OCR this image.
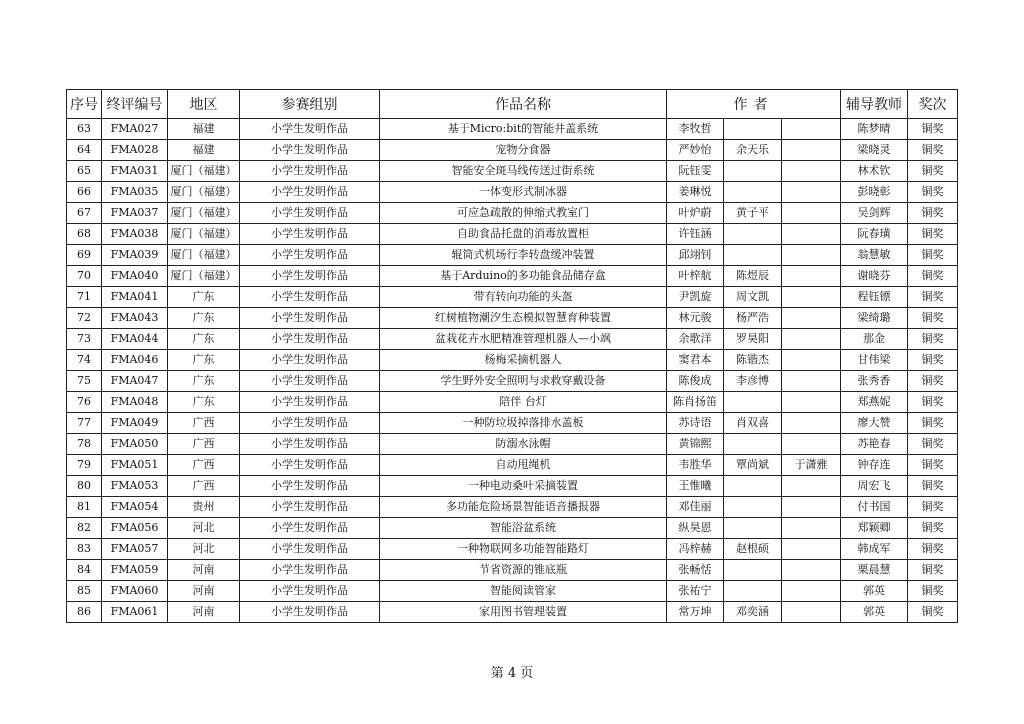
序号	终评编号	地区	参赛组别	作品名称	作者			辅导教师	奖次
63	FMA027	福建	小学生发明作品	基于Micro:bit的智能井盖系统	李牧哲			陈梦晴	铜奖
64	FMA028	福建	小学生发明作品	宠物分食器	严妙怡	余天乐		梁晓灵	铜奖
65	FMA031	厦门（福建）	小学生发明作品	智能安全斑马线传送过街系统	阮钰雯			林术钦	铜奖
66	FMA035	厦门（福建）	小学生发明作品	一体变形式制冰器	姜琳悦			彭晓彰	铜奖
67	FMA037	厦门（福建）	小学生发明作品	可应急疏散的伸缩式教室门	叶炉蔚	黄子平		吴剑辉	铜奖
68	FMA038	厦门（福建）	小学生发明作品	自助食品托盘的消毒放置柜	许钰涵			阮春璜	铜奖
69	FMA039	厦门（福建）	小学生发明作品	辊筒式机场行李转盘缓冲装置	邱翊钊			翁慧敏	铜奖
70	FMA040	厦门（福建）	小学生发明作品	基于Arduino的多功能食品储存盒	叶梓航	陈煜辰		谢晓芬	铜奖
71	FMA041	广东	小学生发明作品	带有转向功能的头盔	尹凯旋	周文凯		程钰镖	铜奖
72	FMA043	广东	小学生发明作品	红树植物潮汐生态模拟智慧育种装置	林元骏	杨严浩		梁绮璐	铜奖
73	FMA044	广东	小学生发明作品	盆栽花卉水肥精准管理机器人—小飒	余歌洋	罗昊阳		那金	铜奖
74	FMA046	广东	小学生发明作品	杨梅采摘机器人	窦君本	陈锴杰		甘伟梁	铜奖
75	FMA047	广东	小学生发明作品	学生野外安全照明与求救穿戴设备	陈俊成	李彦博		张秀香	铜奖
76	FMA048	广东	小学生发明作品	陪伴 台灯	陈肖扬笛			郑燕妮	铜奖
77	FMA049	广西	小学生发明作品	一种防垃圾掉落排水盖板	苏诗语	肖双喜		廖大赞	铜奖
78	FMA050	广西	小学生发明作品	防溺水泳帽	黄锦熙			苏艳春	铜奖
79	FMA051	广西	小学生发明作品	自动甩绳机	韦胜华	覃尚斌	于潇雅	钟存连	铜奖
80	FMA053	广西	小学生发明作品	一种电动桑叶采摘装置	王惟曦			周宏飞	铜奖
81	FMA054	贵州	小学生发明作品	多功能危险场景智能语音播报器	邓佳丽			付书国	铜奖
82	FMA056	河北	小学生发明作品	智能浴盆系统	纵昊恩			郑颖卿	铜奖
83	FMA057	河北	小学生发明作品	一种物联网多功能智能路灯	冯梓赫	赵根硕		韩成军	铜奖
84	FMA059	河南	小学生发明作品	节省资源的锥底瓶	张畅恬			栗晨慧	铜奖
85	FMA060	河南	小学生发明作品	智能阅读管家	张祐宁			郭英	铜奖
86	FMA061	河南	小学生发明作品	家用图书管理装置	常万坤	邓奕涵		郭英	铜奖
第 4 页
